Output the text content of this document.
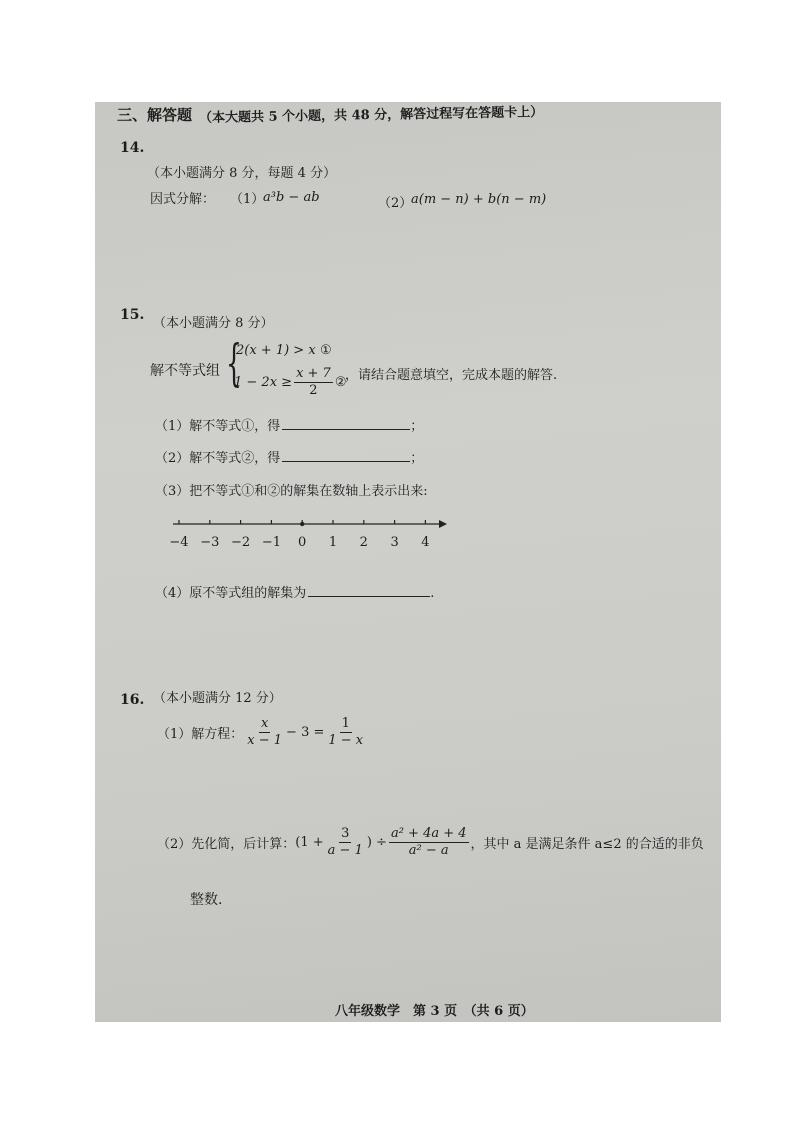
三、解答题 （本大题共 5 个小题，共 48 分，解答过程写在答题卡上）
14.
（本小题满分 8 分，每题 4 分）
因式分解： （1）
a³b − ab	（2）
a(m − n) + b(n − m)
15.
（本小题满分 8 分）
解不等式组 {
2(x + 1) > x ①
$1 - 2x \ge \frac{x + 7}{2}$ ②
，请结合题意填空，完成本题的解答.
（1）解不等式①，得	；
（2）解不等式②，得	；
（3）把不等式①和②的解集在数轴上表示出来:
−4 −3 −2 −1 0 1 2 3 4
（4）原不等式组的解集为	.
16. （本小题满分 12 分）
（1）解方程： $\frac{x}{x - 1} - 3 = \frac{1}{1 - x}$
（2）先化简，后计算： ($1 + \frac{3}{a - 1}$ ) ÷ $\frac{\text{a² + 4a + 4}}{\text{a² − a}}$ ，其中 a 是满足条件 a≤2 的合适的非负
整数.
八年级数学　第 3 页　（共 6 页）
